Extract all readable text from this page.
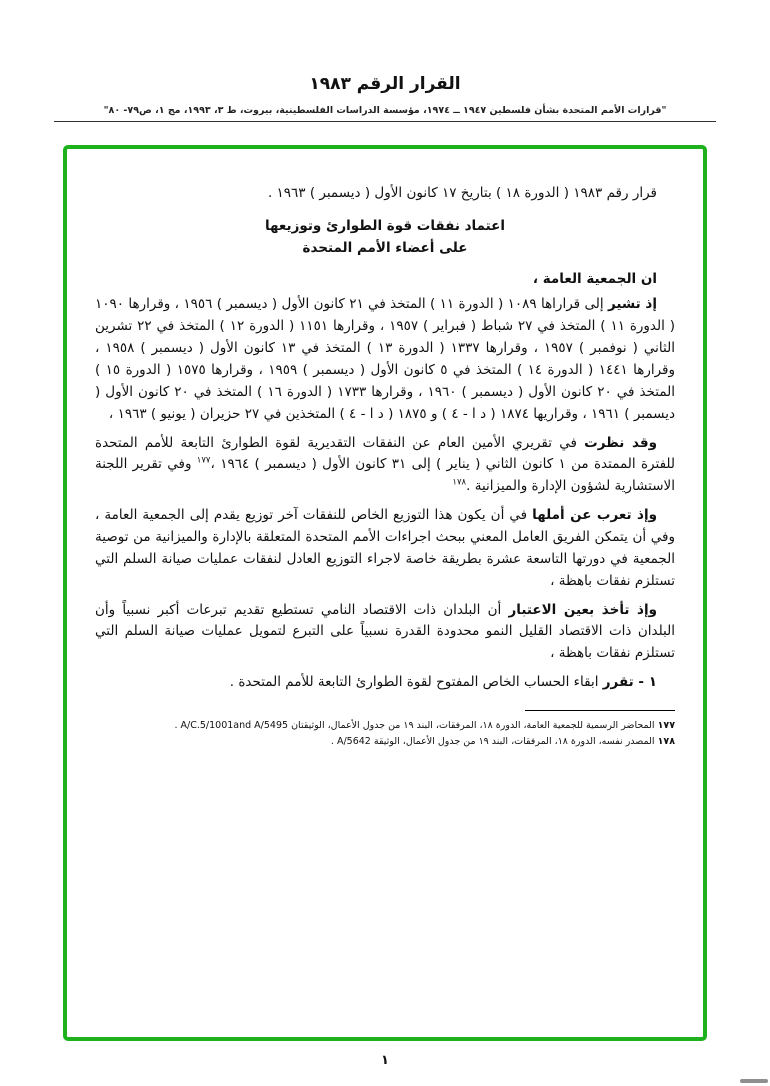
القرار الرقم ١٩٨٣
"قرارات الأمم المتحدة بشأن فلسطين ١٩٤٧ ــ ١٩٧٤، مؤسسة الدراسات الفلسطينية، بيروت، ط ٣، ١٩٩٣، مج ١، ص٧٩- ٨٠"

قرار رقم ١٩٨٣ ( الدورة ١٨ ) بتاريخ ١٧ كانون الأول ( ديسمبر ) ١٩٦٣ .

اعتماد نفقات قوة الطوارئ وتوزيعها
على أعضاء الأمم المتحدة

ان الجمعية العامة ،

إذ تشير إلى قراراها ١٠٨٩ ( الدورة ١١ ) المتخذ في ٢١ كانون الأول ( ديسمبر ) ١٩٥٦ ، وقرارها ١٠٩٠ ( الدورة ١١ ) المتخذ في ٢٧ شباط ( فبراير ) ١٩٥٧ ، وقرارها ١١٥١ ( الدورة ١٢ ) المتخذ في ٢٢ تشرين الثاني ( نوفمبر ) ١٩٥٧ ، وقرارها ١٣٣٧ ( الدورة ١٣ ) المتخذ في ١٣ كانون الأول ( ديسمبر ) ١٩٥٨ ، وقرارها ١٤٤١ ( الدورة ١٤ ) المتخذ في ٥ كانون الأول ( ديسمبر ) ١٩٥٩ ، وقرارها ١٥٧٥ ( الدورة ١٥ ) المتخذ في ٢٠ كانون الأول ( ديسمبر ) ١٩٦٠ ، وقرارها ١٧٣٣ ( الدورة ١٦ ) المتخذ في ٢٠ كانون الأول ( ديسمبر ) ١٩٦١ ، وقراريها ١٨٧٤ ( د ا - ٤ ) و ١٨٧٥ ( د ا - ٤ ) المتخذين في ٢٧ حزيران ( يونيو ) ١٩٦٣ ،

وقد نظرت في تقريري الأمين العام عن النفقات التقديرية لقوة الطوارئ التابعة للأمم المتحدة للفترة الممتدة من ١ كانون الثاني ( يناير ) إلى ٣١ كانون الأول ( ديسمبر ) ١٩٦٤ ،$^{١٧٧}$ وفي تقرير اللجنة الاستشارية لشؤون الإدارة والميزانية .$^{١٧٨}$

وإذ تعرب عن أملها في أن يكون هذا التوزيع الخاص للنفقات آخر توزيع يقدم إلى الجمعية العامة ، وفي أن يتمكن الفريق العامل المعني ببحث اجراءات الأمم المتحدة المتعلقة بالإدارة والميزانية من توصية الجمعية في دورتها التاسعة عشرة بطريقة خاصة لاجراء التوزيع العادل لنفقات عمليات صيانة السلم التي تستلزم نفقات باهظة ،

وإذ تأخذ بعين الاعتبار أن البلدان ذات الاقتصاد النامي تستطيع تقديم تبرعات أكبر نسبياً وأن البلدان ذات الاقتصاد القليل النمو محدودة القدرة نسبياً على التبرع لتمويل عمليات صيانة السلم التي تستلزم نفقات باهظة ،

١ - تقرر ابقاء الحساب الخاص المفتوح لقوة الطوارئ التابعة للأمم المتحدة .

١٧٧ المحاضر الرسمية للجمعية العامة، الدورة ١٨، المرفقات، البند ١٩ من جدول الأعمال، الوثيقتان A/C.5/1001and A/5495 .
١٧٨ المصدر نفسه، الدورة ١٨، المرفقات، البند ١٩ من جدول الأعمال، الوثيقة A/5642 .
١
